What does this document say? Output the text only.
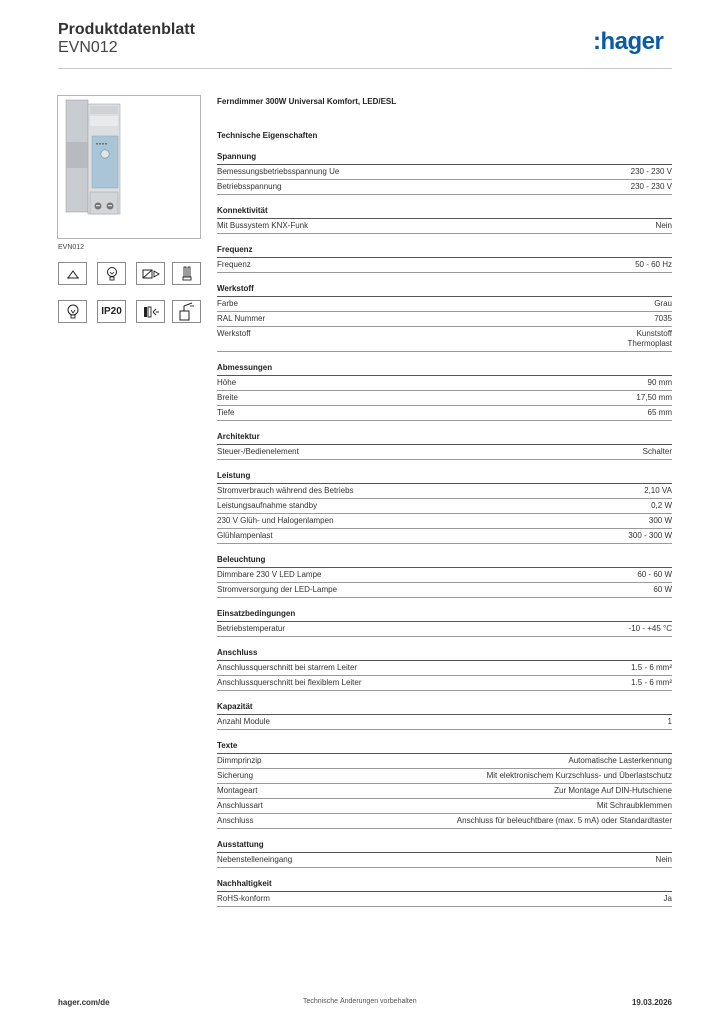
Produktdatenblatt
EVN012	:hager
EVN012
IP20
Ferndimmer 300W Universal Komfort, LED/ESL
Technische Eigenschaften
Spannung
Bemessungsbetriebsspannung Ue	230 - 230 V
Betriebsspannung	230 - 230 V
Konnektivität
Mit Bussystem KNX-Funk	Nein
Frequenz
Frequenz	50 - 60 Hz
Werkstoff
Farbe	Grau
RAL Nummer	7035
Werkstoff	Kunststoff
Thermoplast
Abmessungen
Höhe	90 mm
Breite	17,50 mm
Tiefe	65 mm
Architektur
Steuer-/Bedienelement	Schalter
Leistung
Stromverbrauch während des Betriebs	2,10 VA
Leistungsaufnahme standby	0,2 W
230 V Glüh- und Halogenlampen	300 W
Glühlampenlast	300 - 300 W
Beleuchtung
Dimmbare 230 V LED Lampe	60 - 60 W
Stromversorgung der LED-Lampe	60 W
Einsatzbedingungen
Betriebstemperatur	-10 - +45 °C
Anschluss
Anschlussquerschnitt bei starrem Leiter	1.5 - 6 mm²
Anschlussquerschnitt bei flexiblem Leiter	1.5 - 6 mm²
Kapazität
Anzahl Module	1
Texte
Dimmprinzip	Automatische Lasterkennung
Sicherung	Mit elektronischem Kurzschluss- und Überlastschutz
Montageart	Zur Montage Auf DIN-Hutschiene
Anschlussart	Mit Schraubklemmen
Anschluss	Anschluss für beleuchtbare (max. 5 mA) oder Standardtaster
Ausstattung
Nebenstelleneingang	Nein
Nachhaltigkeit
RoHS-konform	Ja
hager.com/de	Technische Änderungen vorbehalten	19.03.2026
